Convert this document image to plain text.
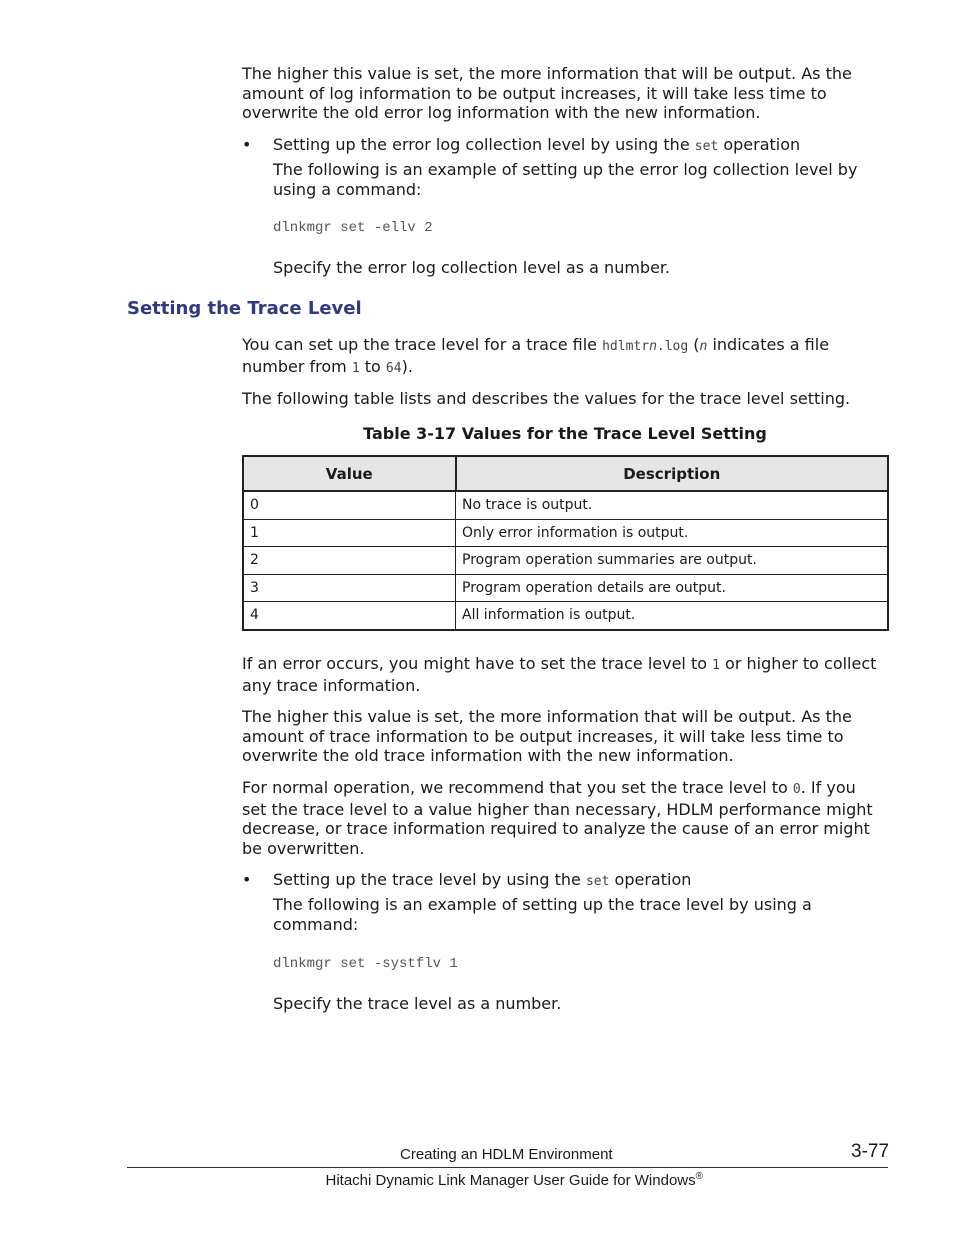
The higher this value is set, the more information that will be output. As the amount of log information to be output increases, it will take less time to overwrite the old error log information with the new information.

• Setting up the error log collection level by using the set operation

The following is an example of setting up the error log collection level by using a command:

dlnkmgr set -ellv 2

Specify the error log collection level as a number.

Setting the Trace Level

You can set up the trace level for a trace file hdlmtrn.log (n indicates a file number from 1 to 64).

The following table lists and describes the values for the trace level setting.

Table 3-17 Values for the Trace Level Setting
Value	Description
0	No trace is output.
1	Only error information is output.
2	Program operation summaries are output.
3	Program operation details are output.
4	All information is output.

If an error occurs, you might have to set the trace level to 1 or higher to collect any trace information.

The higher this value is set, the more information that will be output. As the amount of trace information to be output increases, it will take less time to overwrite the old trace information with the new information.

For normal operation, we recommend that you set the trace level to 0. If you set the trace level to a value higher than necessary, HDLM performance might decrease, or trace information required to analyze the cause of an error might be overwritten.

• Setting up the trace level by using the set operation

The following is an example of setting up the trace level by using a command:

dlnkmgr set -systflv 1

Specify the trace level as a number.

Creating an HDLM Environment	3-77
Hitachi Dynamic Link Manager User Guide for Windows®
